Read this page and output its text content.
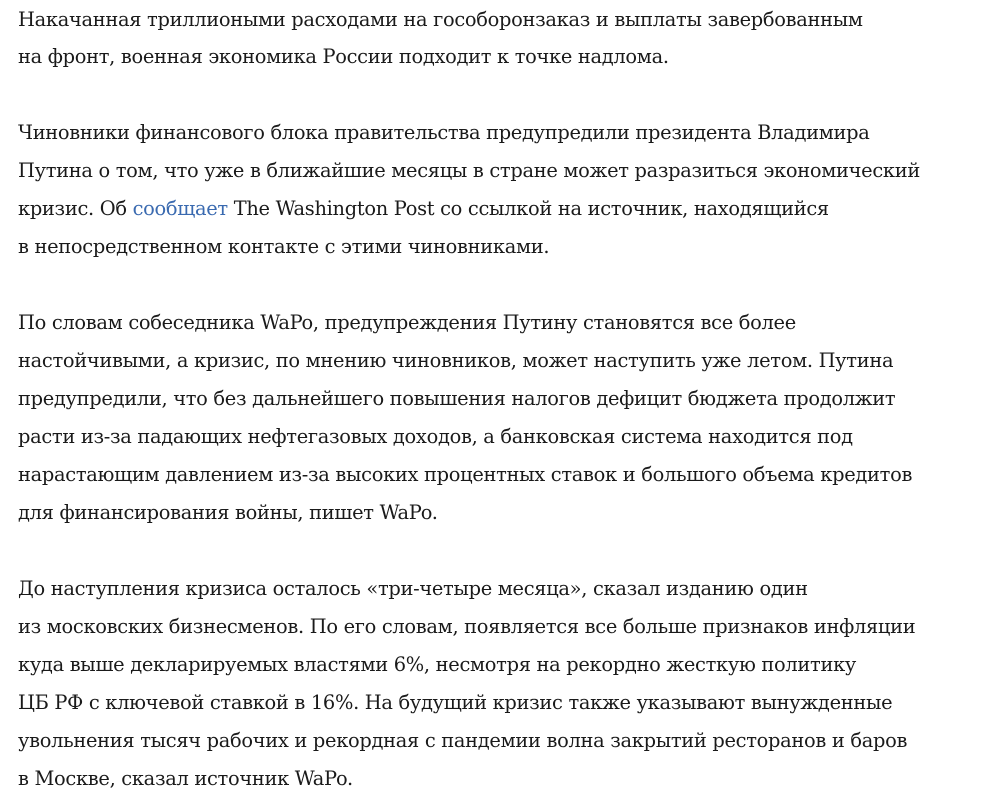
Накачанная триллиоными расходами на гособоронзаказ и выплаты завербованным
на фронт, военная экономика России подходит к точке надлома.

Чиновники финансового блока правительства предупредили президента Владимира
Путина о том, что уже в ближайшие месяцы в стране может разразиться экономический
кризис. Об сообщает The Washington Post со ссылкой на источник, находящийся
в непосредственном контакте с этими чиновниками.

По словам собеседника WaPo, предупреждения Путину становятся все более
настойчивыми, а кризис, по мнению чиновников, может наступить уже летом. Путина
предупредили, что без дальнейшего повышения налогов дефицит бюджета продолжит
расти из-за падающих нефтегазовых доходов, а банковская система находится под
нарастающим давлением из-за высоких процентных ставок и большого объема кредитов
для финансирования войны, пишет WaPo.

До наступления кризиса осталось «три-четыре месяца», сказал изданию один
из московских бизнесменов. По его словам, появляется все больше признаков инфляции
куда выше декларируемых властями 6%, несмотря на рекордно жесткую политику
ЦБ РФ с ключевой ставкой в 16%. На будущий кризис также указывают вынужденные
увольнения тысяч рабочих и рекордная с пандемии волна закрытий ресторанов и баров
в Москве, сказал источник WaPo.
